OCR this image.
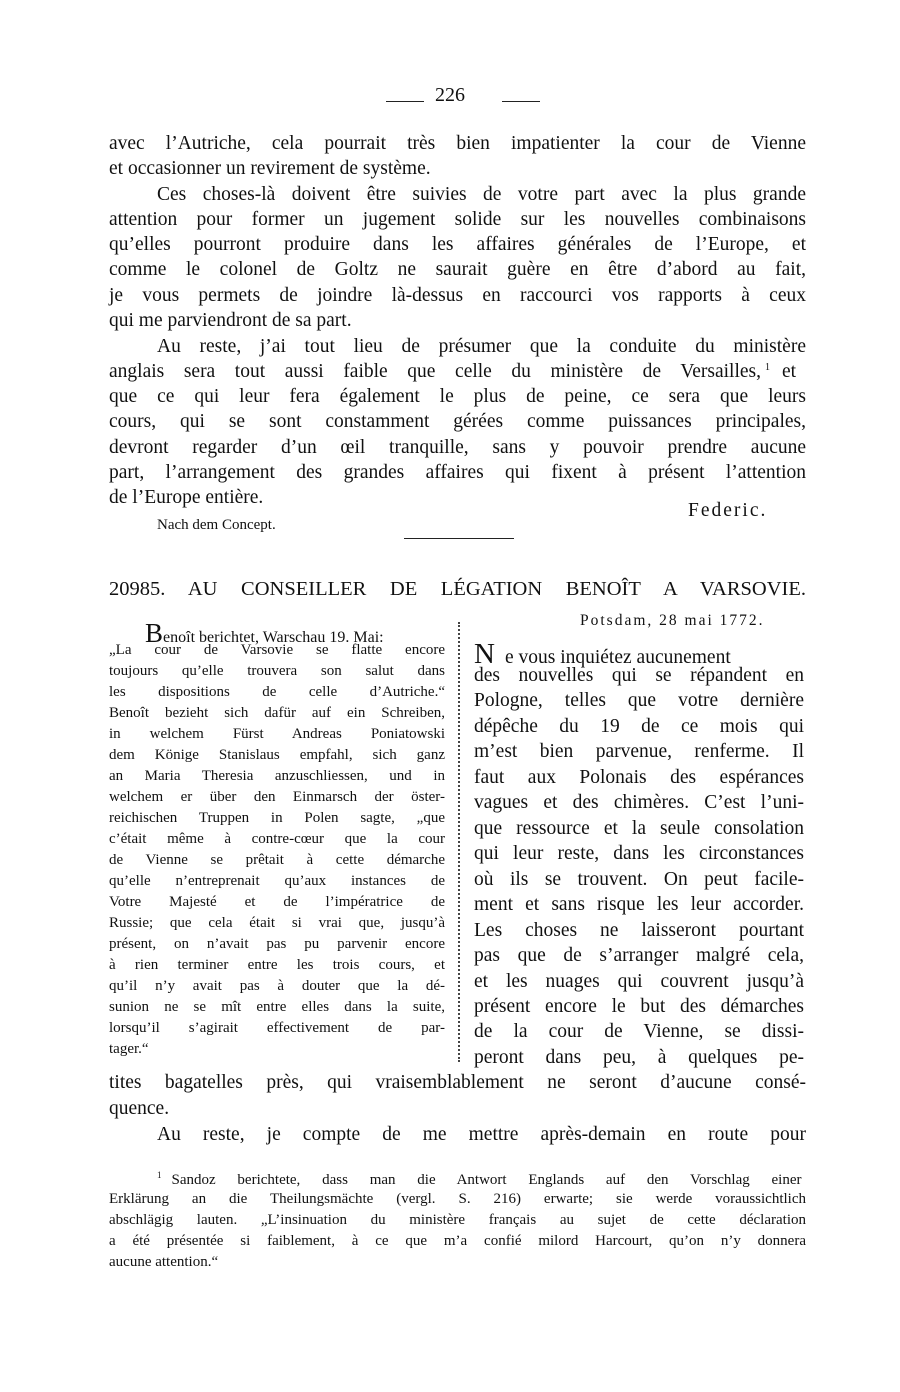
226
avec l’Autriche, cela pourrait très bien impatienter la cour de Vienne
et occasionner un revirement de système.
Ces choses-là doivent être suivies de votre part avec la plus grande
attention pour former un jugement solide sur les nouvelles combinaisons
qu’elles pourront produire dans les affaires générales de l’Europe, et
comme le colonel de Goltz ne saurait guère en être d’abord au fait,
je vous permets de joindre là-dessus en raccourci vos rapports à ceux
qui me parviendront de sa part.
Au reste, j’ai tout lieu de présumer que la conduite du ministère
anglais sera tout aussi faible que celle du ministère de Versailles, $^1$ et
que ce qui leur fera également le plus de peine, ce sera que leurs
cours, qui se sont constamment gérées comme puissances principales,
devront regarder d’un œil tranquille, sans y pouvoir prendre aucune
part, l’arrangement des grandes affaires qui fixent à présent l’attention
de l’Europe entière.
Federic.
Nach dem Concept.
20985. AU CONSEILLER DE LÉGATION BENOÎT A VARSOVIE.
Benoît berichtet, Warschau 19. Mai:
„La cour de Varsovie se flatte encore
toujours qu’elle trouvera son salut dans
les dispositions de celle d’Autriche.“
Benoît bezieht sich dafür auf ein Schreiben,
in welchem Fürst Andreas Poniatowski
dem Könige Stanislaus empfahl, sich ganz
an Maria Theresia anzuschliessen, und in
welchem er über den Einmarsch der öster-
reichischen Truppen in Polen sagte, „que
c’était même à contre-cœur que la cour
de Vienne se prêtait à cette démarche
qu’elle n’entreprenait qu’aux instances de
Votre Majesté et de l’impératrice de
Russie; que cela était si vrai que, jusqu’à
présent, on n’avait pas pu parvenir encore
à rien terminer entre les trois cours, et
qu’il n’y avait pas à douter que la dé-
sunion ne se mît entre elles dans la suite,
lorsqu’il s’agirait effectivement de par-
tager.“
Potsdam, 28 mai 1772.
N e vous inquiétez aucunement
des nouvelles qui se répandent en
Pologne, telles que votre dernière
dépêche du 19 de ce mois qui
m’est bien parvenue, renferme. Il
faut aux Polonais des espérances
vagues et des chimères. C’est l’uni-
que ressource et la seule consolation
qui leur reste, dans les circonstances
où ils se trouvent. On peut facile-
ment et sans risque les leur accorder.
Les choses ne laisseront pourtant
pas que de s’arranger malgré cela,
et les nuages qui couvrent jusqu’à
présent encore le but des démarches
de la cour de Vienne, se dissi-
peront dans peu, à quelques pe-
tites bagatelles près, qui vraisemblablement ne seront d’aucune consé-
quence.
Au reste, je compte de me mettre après-demain en route pour
$^1$ Sandoz berichtete, dass man die Antwort Englands auf den Vorschlag einer
Erklärung an die Theilungsmächte (vergl. S. 216) erwarte; sie werde voraussichtlich
abschlägig lauten. „L’insinuation du ministère français au sujet de cette déclaration
a été présentée si faiblement, à ce que m’a confié milord Harcourt, qu’on n’y donnera
aucune attention.“
